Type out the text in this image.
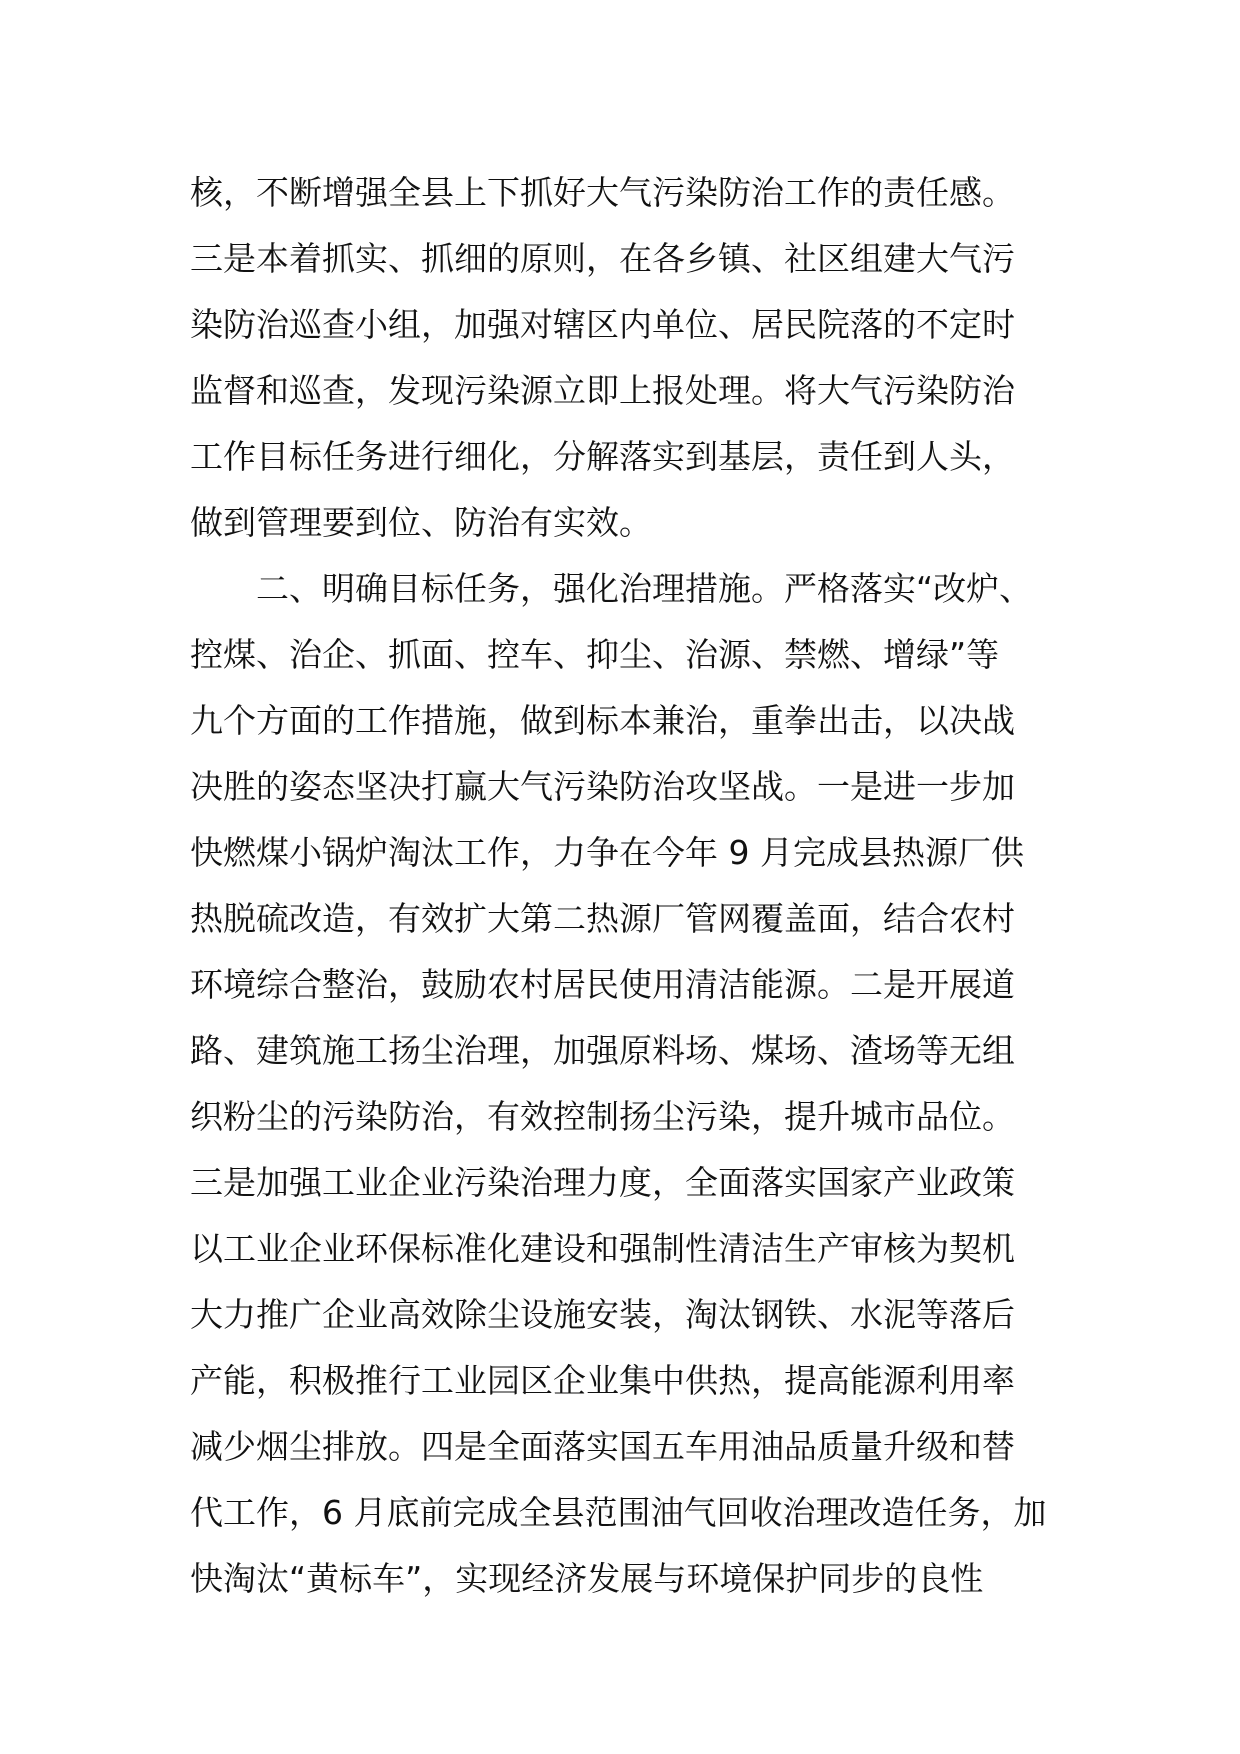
核，不断增强全县上下抓好大气污染防治工作的责任感。
三是本着抓实、抓细的原则，在各乡镇、社区组建大气污
染防治巡查小组，加强对辖区内单位、居民院落的不定时
监督和巡查，发现污染源立即上报处理。将大气污染防治
工作目标任务进行细化，分解落实到基层，责任到人头，
做到管理要到位、防治有实效。
　　二、明确目标任务，强化治理措施。严格落实“改炉、
控煤、治企、抓面、控车、抑尘、治源、禁燃、增绿”等
九个方面的工作措施，做到标本兼治，重拳出击，以决战
决胜的姿态坚决打赢大气污染防治攻坚战。一是进一步加
快燃煤小锅炉淘汰工作，力争在今年 9 月完成县热源厂供
热脱硫改造，有效扩大第二热源厂管网覆盖面，结合农村
环境综合整治，鼓励农村居民使用清洁能源。二是开展道
路、建筑施工扬尘治理，加强原料场、煤场、渣场等无组
织粉尘的污染防治，有效控制扬尘污染，提升城市品位。
三是加强工业企业污染治理力度，全面落实国家产业政策
以工业企业环保标准化建设和强制性清洁生产审核为契机
大力推广企业高效除尘设施安装，淘汰钢铁、水泥等落后
产能，积极推行工业园区企业集中供热，提高能源利用率
减少烟尘排放。四是全面落实国五车用油品质量升级和替
代工作，6 月底前完成全县范围油气回收治理改造任务，加
快淘汰“黄标车”，实现经济发展与环境保护同步的良性
